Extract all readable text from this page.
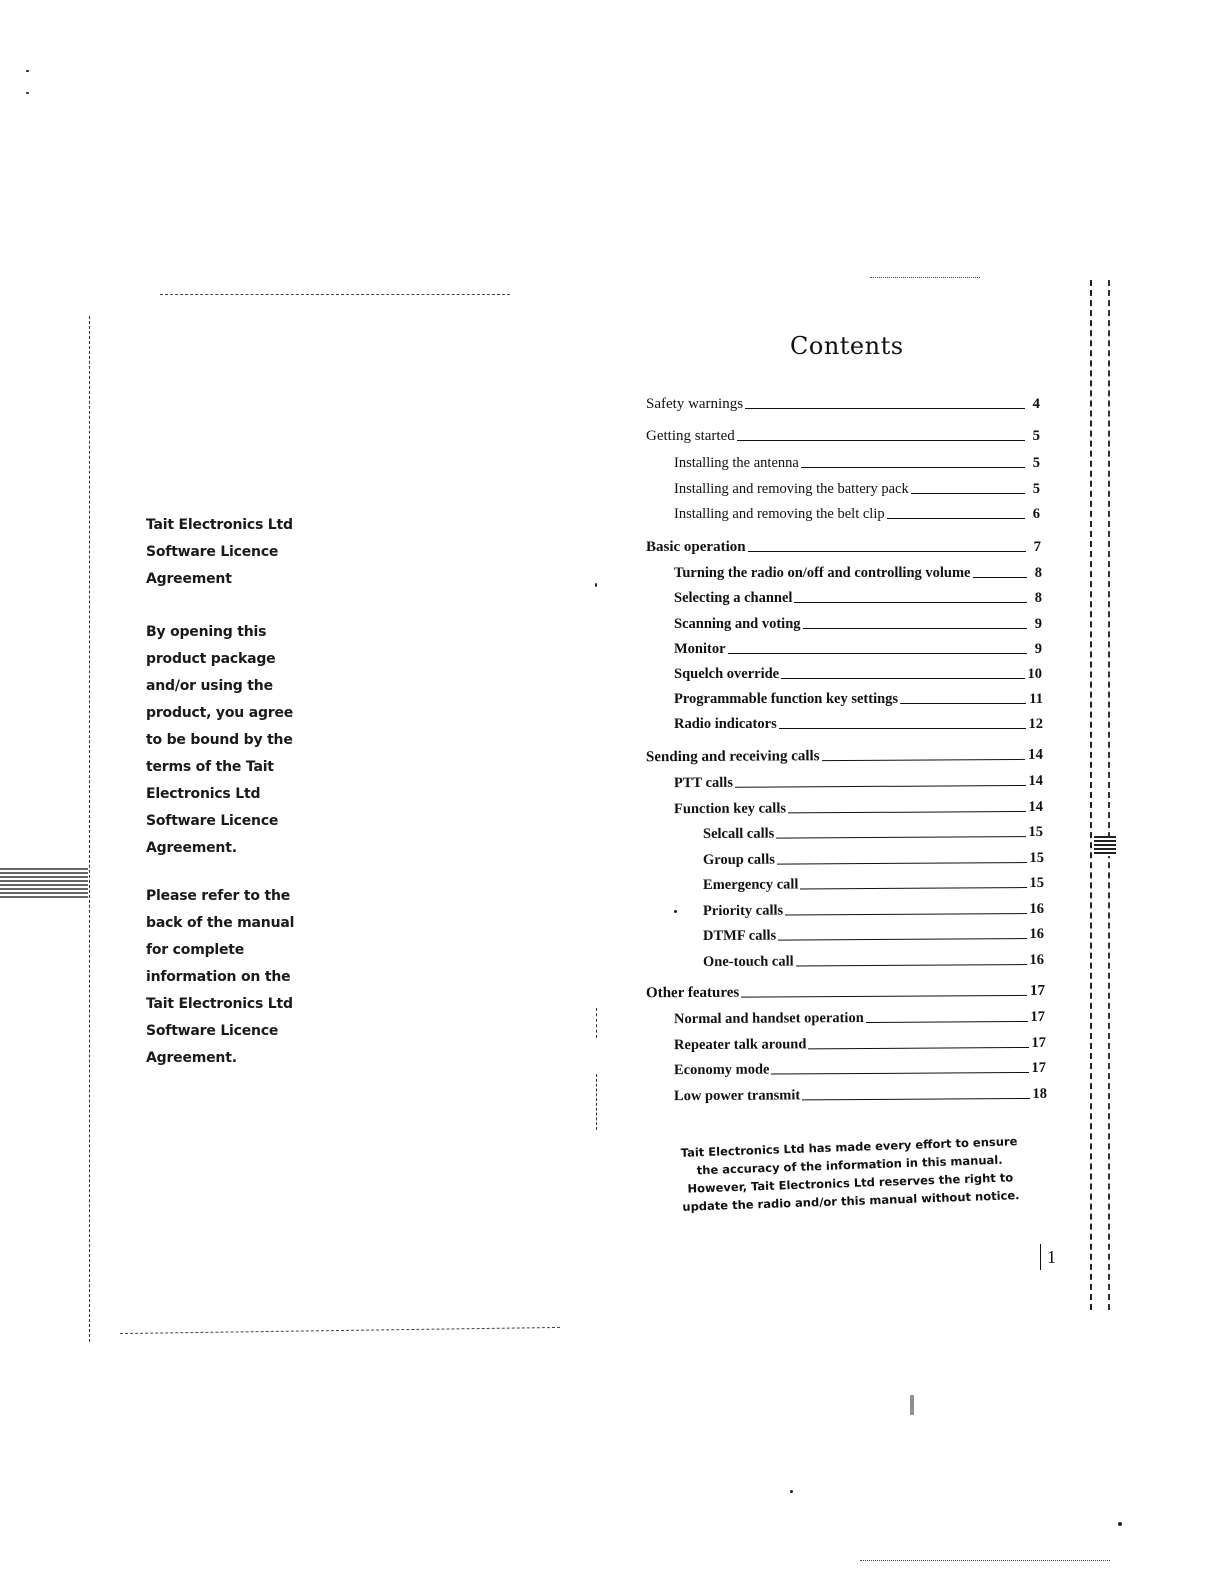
Tait Electronics Ltd
Software Licence
Agreement
By opening this
product package
and/or using the
product, you agree
to be bound by the
terms of the Tait
Electronics Ltd
Software Licence
Agreement.
Please refer to the
back of the manual
for complete
information on the
Tait Electronics Ltd
Software Licence
Agreement.
Contents
Safety warnings	4
Getting started	5
Installing the antenna	5
Installing and removing the battery pack	5
Installing and removing the belt clip	6
Basic operation	7
Turning the radio on/off and controlling volume	8
Selecting a channel	8
Scanning and voting	9
Monitor	9
Squelch override	10
Programmable function key settings	11
Radio indicators	12
Sending and receiving calls	14
PTT calls	14
Function key calls	14
Selcall calls	15
Group calls	15
Emergency call	15
Priority calls	16
DTMF calls	16
One-touch call	16
Other features	17
Normal and handset operation	17
Repeater talk around	17
Economy mode	17
Low power transmit	18
Tait Electronics Ltd has made every effort to ensure the accuracy of the information in this manual. However, Tait Electronics Ltd reserves the right to update the radio and/or this manual without notice.
1
